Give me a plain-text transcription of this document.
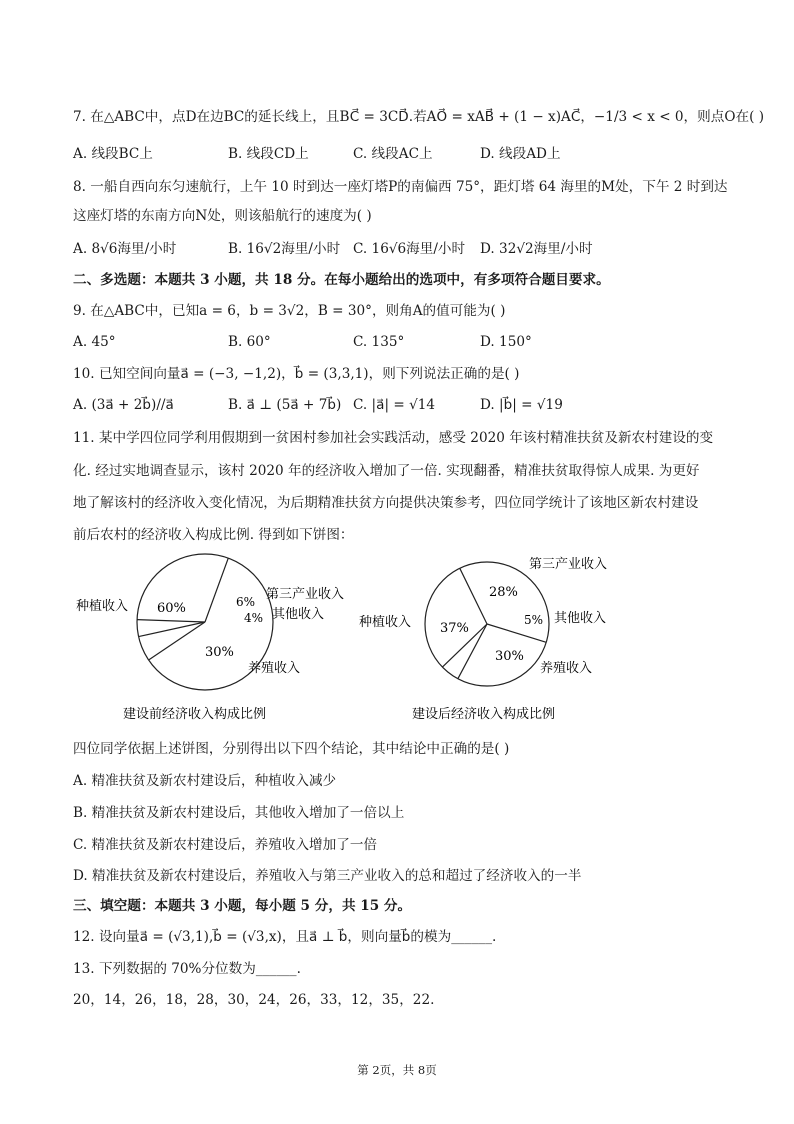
7. 在△ABC中，点D在边BC的延长线上，且BC⃗ = 3CD⃗.若AO⃗ = xAB⃗ + (1 − x)AC⃗，−1/3 < x < 0，则点O在( )
A. 线段BC上	B. 线段CD上	C. 线段AC上	D. 线段AD上
8. 一船自西向东匀速航行，上午 10 时到达一座灯塔P的南偏西 75°，距灯塔 64 海里的M处，下午 2 时到达
这座灯塔的东南方向N处，则该船航行的速度为( )
A. 8√6海里/小时	B. 16√2海里/小时 C. 16√6海里/小时 D. 32√2海里/小时
二、多选题：本题共 3 小题，共 18 分。在每小题给出的选项中，有多项符合题目要求。
9. 在△ABC中，已知a = 6，b = 3√2，B = 30°，则角A的值可能为( )
A. 45°	B. 60°	C. 135°	D. 150°
10. 已知空间向量a⃗ = (−3, −1,2)，b⃗ = (3,3,1)，则下列说法正确的是( )
A. (3a⃗ + 2b⃗)//a⃗	B. a⃗ ⊥ (5a⃗ + 7b⃗) C. |a⃗| = √14	D. |b⃗| = √19
11. 某中学四位同学利用假期到一贫困村参加社会实践活动，感受 2020 年该村精准扶贫及新农村建设的变
化. 经过实地调查显示，该村 2020 年的经济收入增加了一倍. 实现翻番，精准扶贫取得惊人成果. 为更好
地了解该村的经济收入变化情况，为后期精准扶贫方向提供决策参考，四位同学统计了该地区新农村建设
前后农村的经济收入构成比例. 得到如下饼图：
60%	6%
4%
30%
种植收入
第三产业收入
其他收入
养殖收入
建设前经济收入构成比例
37%
28%
5%
30%
种植收入
第三产业收入
其他收入
养殖收入
建设后经济收入构成比例
四位同学依据上述饼图，分别得出以下四个结论，其中结论中正确的是( )
A. 精准扶贫及新农村建设后，种植收入减少
B. 精准扶贫及新农村建设后，其他收入增加了一倍以上
C. 精准扶贫及新农村建设后，养殖收入增加了一倍
D. 精准扶贫及新农村建设后，养殖收入与第三产业收入的总和超过了经济收入的一半
三、填空题：本题共 3 小题，每小题 5 分，共 15 分。
12. 设向量a⃗ = (√3,1),b⃗ = (√3,x)，且a⃗ ⊥ b⃗，则向量b⃗的模为______.
13. 下列数据的 70%分位数为______.
20，14，26，18，28，30，24，26，33，12，35，22.
第 2页，共 8页
